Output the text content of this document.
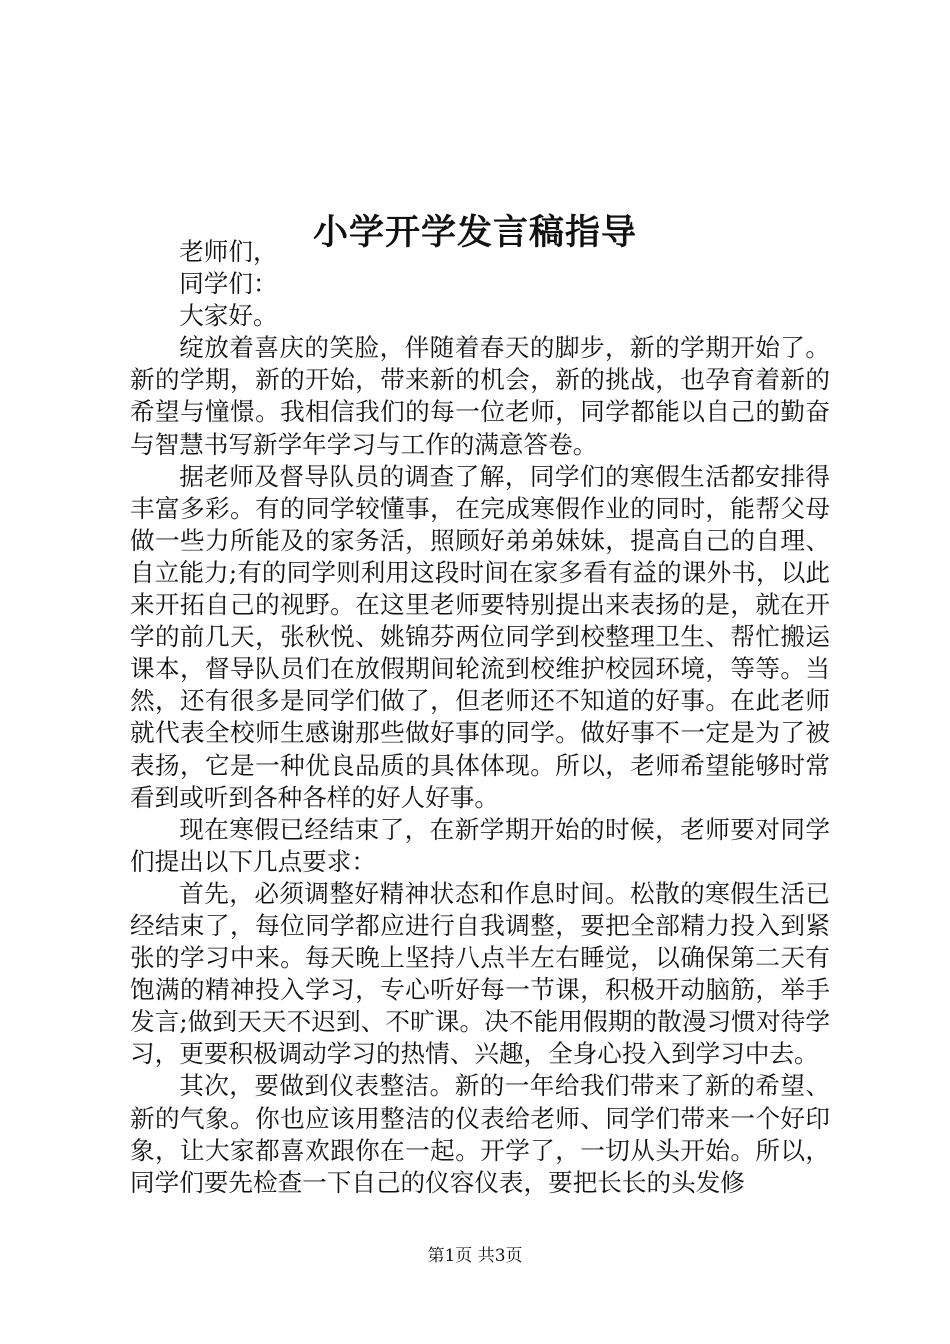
小学开学发言稿指导

老师们，

同学们：

大家好。

绽放着喜庆的笑脸，伴随着春天的脚步，新的学期开始了。新的学期，新的开始，带来新的机会，新的挑战，也孕育着新的希望与憧憬。我相信我们的每一位老师，同学都能以自己的勤奋与智慧书写新学年学习与工作的满意答卷。

据老师及督导队员的调查了解，同学们的寒假生活都安排得丰富多彩。有的同学较懂事，在完成寒假作业的同时，能帮父母做一些力所能及的家务活，照顾好弟弟妹妹，提高自己的自理、自立能力;有的同学则利用这段时间在家多看有益的课外书，以此来开拓自己的视野。在这里老师要特别提出来表扬的是，就在开学的前几天，张秋悦、姚锦芬两位同学到校整理卫生、帮忙搬运课本，督导队员们在放假期间轮流到校维护校园环境，等等。当然，还有很多是同学们做了，但老师还不知道的好事。在此老师就代表全校师生感谢那些做好事的同学。做好事不一定是为了被表扬，它是一种优良品质的具体体现。所以，老师希望能够时常看到或听到各种各样的好人好事。

现在寒假已经结束了，在新学期开始的时候，老师要对同学们提出以下几点要求：

首先，必须调整好精神状态和作息时间。松散的寒假生活已经结束了，每位同学都应进行自我调整，要把全部精力投入到紧张的学习中来。每天晚上坚持八点半左右睡觉，以确保第二天有饱满的精神投入学习，专心听好每一节课，积极开动脑筋，举手发言;做到天天不迟到、不旷课。决不能用假期的散漫习惯对待学习，更要积极调动学习的热情、兴趣，全身心投入到学习中去。

其次，要做到仪表整洁。新的一年给我们带来了新的希望、新的气象。你也应该用整洁的仪表给老师、同学们带来一个好印象，让大家都喜欢跟你在一起。开学了，一切从头开始。所以，同学们要先检查一下自己的仪容仪表，要把长长的头发修

第1页 共3页
